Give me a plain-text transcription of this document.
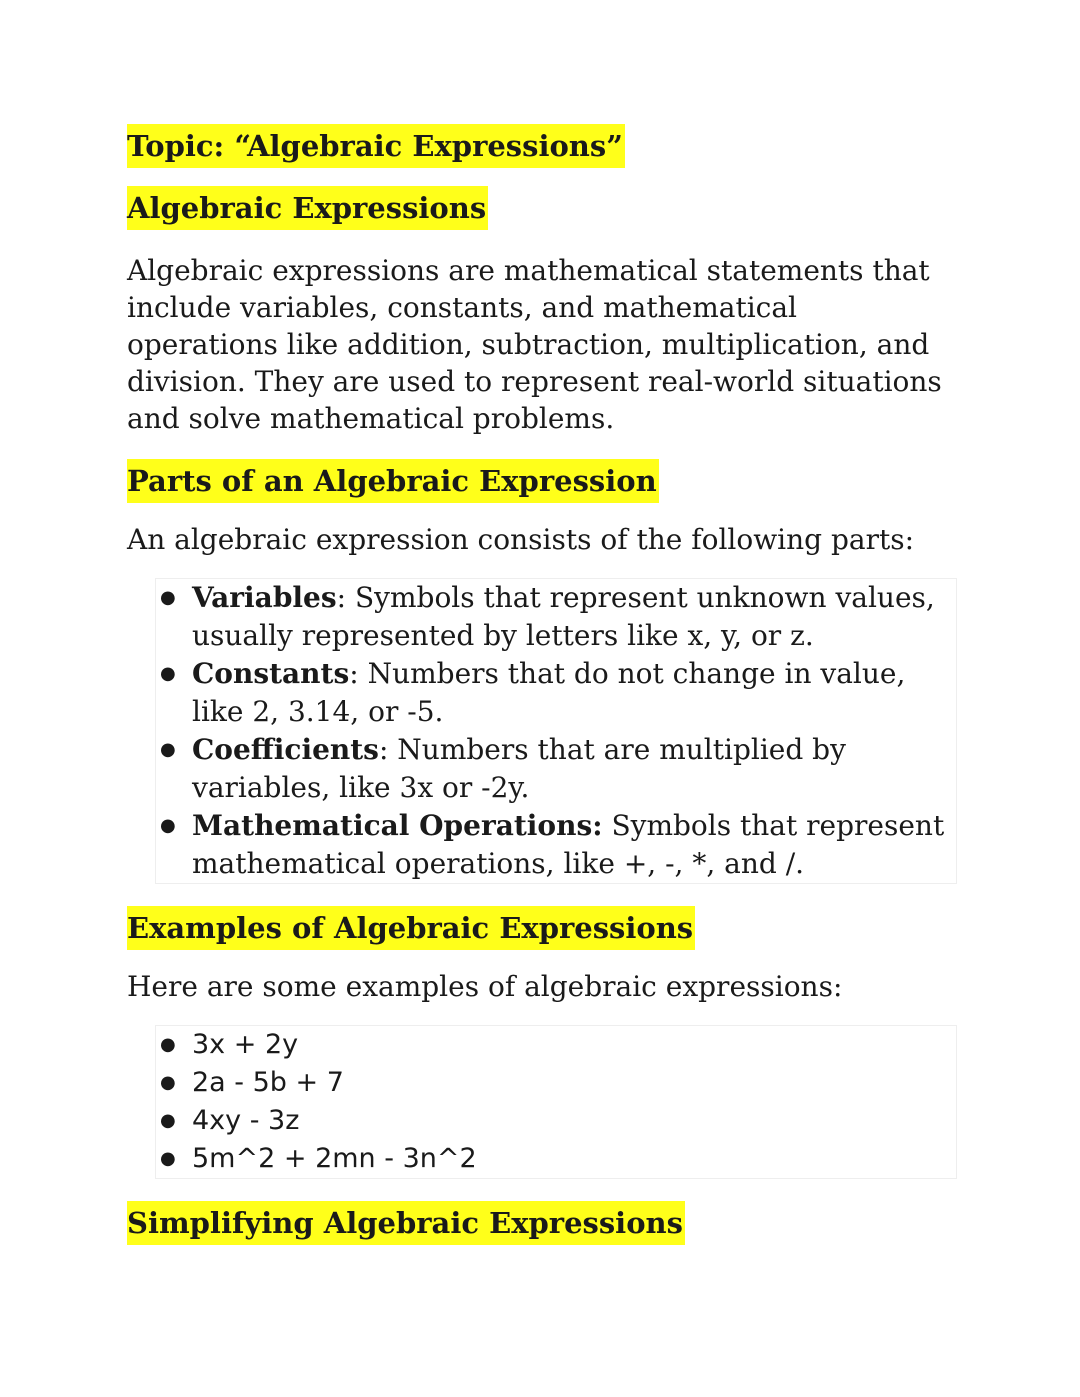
Topic: “Algebraic Expressions”
Algebraic Expressions

Algebraic expressions are mathematical statements that include variables, constants, and mathematical operations like addition, subtraction, multiplication, and division. They are used to represent real-world situations and solve mathematical problems.

Parts of an Algebraic Expression

An algebraic expression consists of the following parts:

● Variables: Symbols that represent unknown values, usually represented by letters like x, y, or z.
● Constants: Numbers that do not change in value, like 2, 3.14, or -5.
● Coefficients: Numbers that are multiplied by variables, like 3x or -2y.
● Mathematical Operations: Symbols that represent mathematical operations, like +, -, *, and /.
Examples of Algebraic Expressions

Here are some examples of algebraic expressions:

● 3x + 2y
● 2a - 5b + 7
● 4xy - 3z
● 5m^2 + 2mn - 3n^2
Simplifying Algebraic Expressions
